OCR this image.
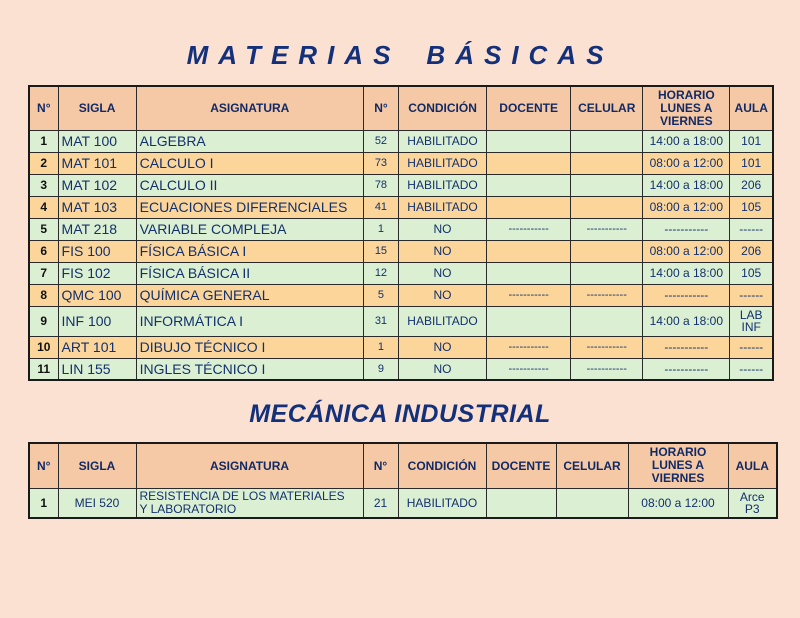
MATERIAS BÁSICAS
N°	SIGLA	ASIGNATURA	N°	CONDICIÓN	DOCENTE	CELULAR	HORARIO
LUNES A
VIERNES	AULA
1	MAT 100	ALGEBRA	52	HABILITADO			14:00 a 18:00	101
2	MAT 101	CALCULO I	73	HABILITADO			08:00 a 12:00	101
3	MAT 102	CALCULO II	78	HABILITADO			14:00 a 18:00	206
4	MAT 103	ECUACIONES DIFERENCIALES	41	HABILITADO			08:00 a 12:00	105
5	MAT 218	VARIABLE COMPLEJA	1	NO	-----------	-----------	-----------	------
6	FIS 100	FÍSICA BÁSICA I	15	NO			08:00 a 12:00	206
7	FIS 102	FÍSICA BÁSICA II	12	NO			14:00 a 18:00	105
8	QMC 100	QUÍMICA GENERAL	5	NO	-----------	-----------	-----------	------
9	INF 100	INFORMÁTICA I	31	HABILITADO			14:00 a 18:00	LAB
INF
10	ART 101	DIBUJO TÉCNICO I	1	NO	-----------	-----------	-----------	------
11	LIN 155	INGLES TÉCNICO I	9	NO	-----------	-----------	-----------	------
MECÁNICA INDUSTRIAL
N°	SIGLA	ASIGNATURA	N°	CONDICIÓN	DOCENTE	CELULAR	HORARIO
LUNES A
VIERNES	AULA
1	MEI 520	RESISTENCIA DE LOS MATERIALES
Y LABORATORIO	21	HABILITADO			08:00 a 12:00	Arce
P3
